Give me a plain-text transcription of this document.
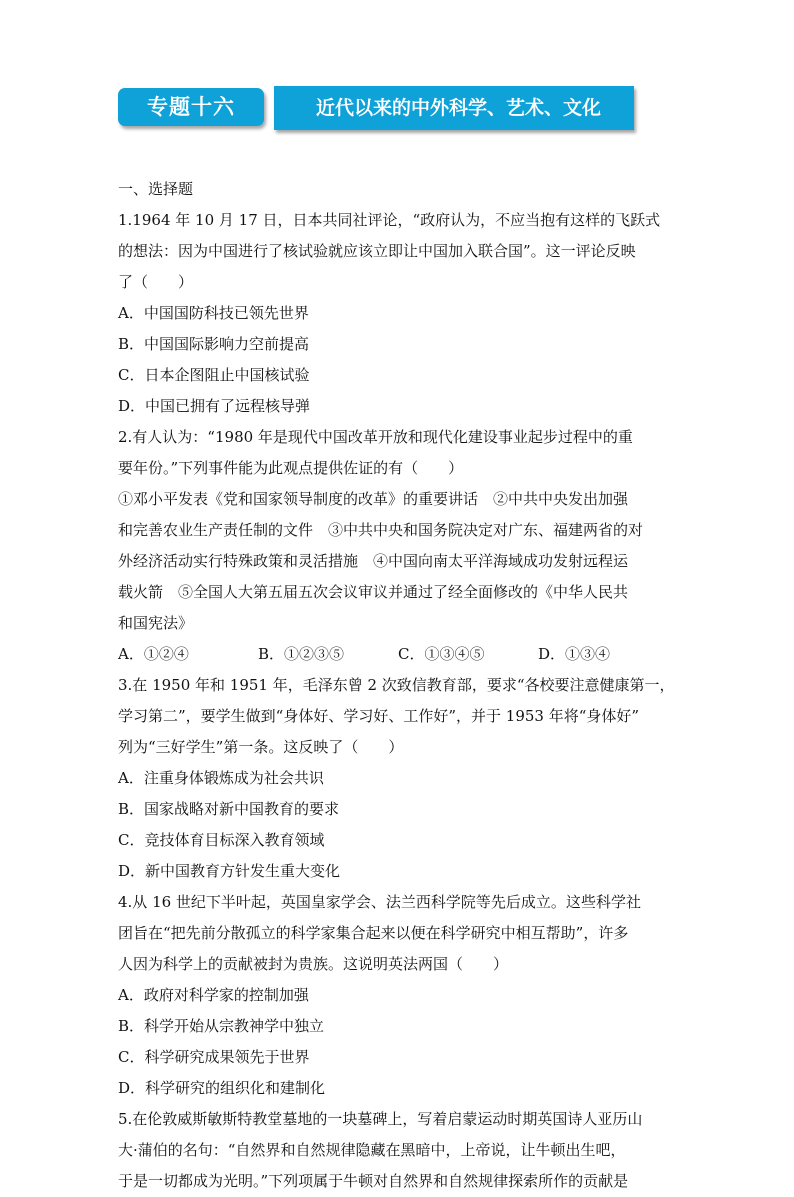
专题十六	近代以来的中外科学、艺术、文化

一、选择题

1.1964 年 10 月 17 日，日本共同社评论，“政府认为，不应当抱有这样的飞跃式

的想法：因为中国进行了核试验就应该立即让中国加入联合国”。这一评论反映

了（　　）

A．中国国防科技已领先世界
B．中国国际影响力空前提高
C．日本企图阻止中国核试验
D．中国已拥有了远程核导弹

2.有人认为：“1980 年是现代中国改革开放和现代化建设事业起步过程中的重

要年份。”下列事件能为此观点提供佐证的有（　　）

①邓小平发表《党和国家领导制度的改革》的重要讲话　②中共中央发出加强

和完善农业生产责任制的文件　③中共中央和国务院决定对广东、福建两省的对

外经济活动实行特殊政策和灵活措施　④中国向南太平洋海域成功发射远程运

载火箭　⑤全国人大第五届五次会议审议并通过了经全面修改的《中华人民共

和国宪法》

A．①②④	B．①②③⑤	C．①③④⑤	D．①③④

3.在 1950 年和 1951 年，毛泽东曾 2 次致信教育部，要求“各校要注意健康第一，

学习第二”，要学生做到“身体好、学习好、工作好”，并于 1953 年将“身体好”

列为“三好学生”第一条。这反映了（　　）

A．注重身体锻炼成为社会共识
B．国家战略对新中国教育的要求
C．竞技体育目标深入教育领域
D．新中国教育方针发生重大变化

4.从 16 世纪下半叶起，英国皇家学会、法兰西科学院等先后成立。这些科学社

团旨在“把先前分散孤立的科学家集合起来以便在科学研究中相互帮助”，许多

人因为科学上的贡献被封为贵族。这说明英法两国（　　）

A．政府对科学家的控制加强
B．科学开始从宗教神学中独立
C．科学研究成果领先于世界
D．科学研究的组织化和建制化

5.在伦敦威斯敏斯特教堂墓地的一块墓碑上，写着启蒙运动时期英国诗人亚历山

大·蒲伯的名句：“自然界和自然规律隐藏在黑暗中，上帝说，让牛顿出生吧，

于是一切都成为光明。”下列项属于牛顿对自然界和自然规律探索所作的贡献是
